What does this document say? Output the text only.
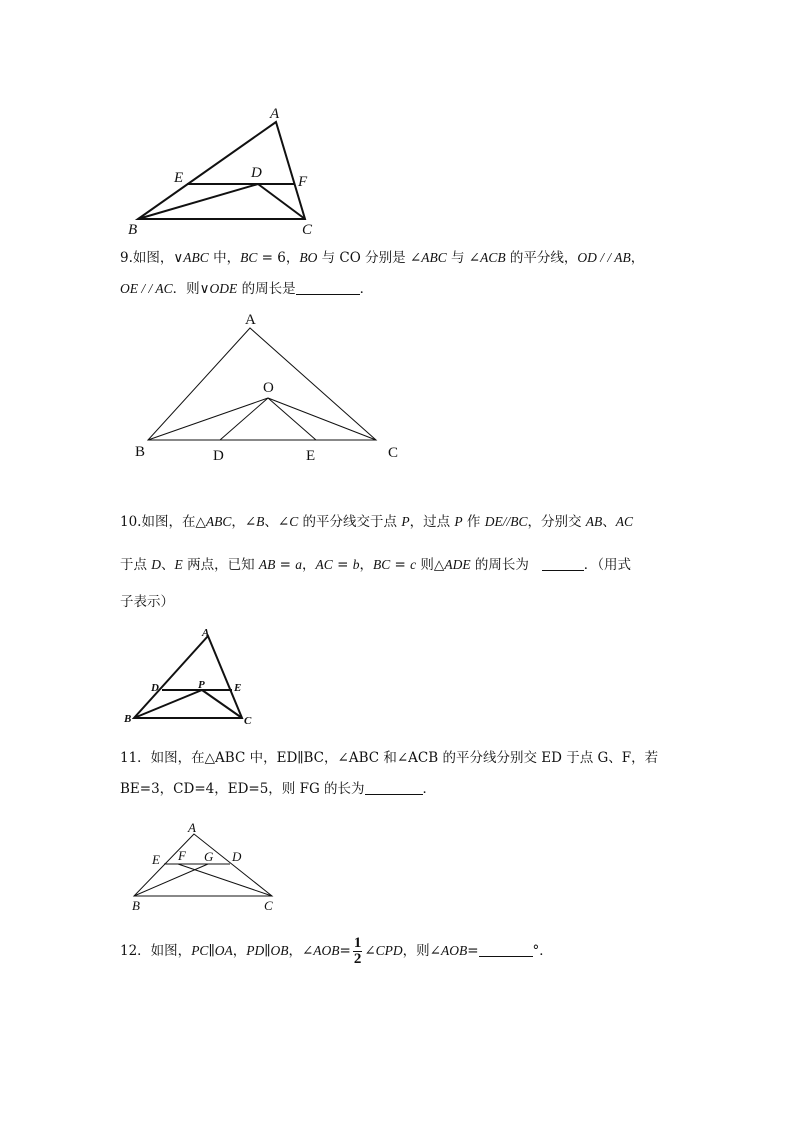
A
B	C
D
E	F
9.如图，∨ABC 中，BC = 6，BO 与 CO 分别是 ∠ABC 与 ∠ACB 的平分线，OD / / AB，
OE / / AC．则∨ODE 的周长是	．
A
O
B	D	E	C
10.如图，在△ABC，∠B、∠C 的平分线交于点 P，过点 P 作 DE//BC，分别交 AB、AC
于点 D、E 两点，已知 AB = a，AC = b，BC = c 则△ADE 的周长为	．（用式
子表示）
A
D	P	E
B	C
11．如图，在△ABC 中，ED∥BC，∠ABC 和∠ACB 的平分线分别交 ED 于点 G、F，若
BE=3，CD=4，ED=5，则 FG 的长为	．
A
E F G D
B	C
12．如图，PC∥OA，PD∥OB，∠AOB= $\frac{1}{2}$ ∠CPD，则∠AOB=	°．
